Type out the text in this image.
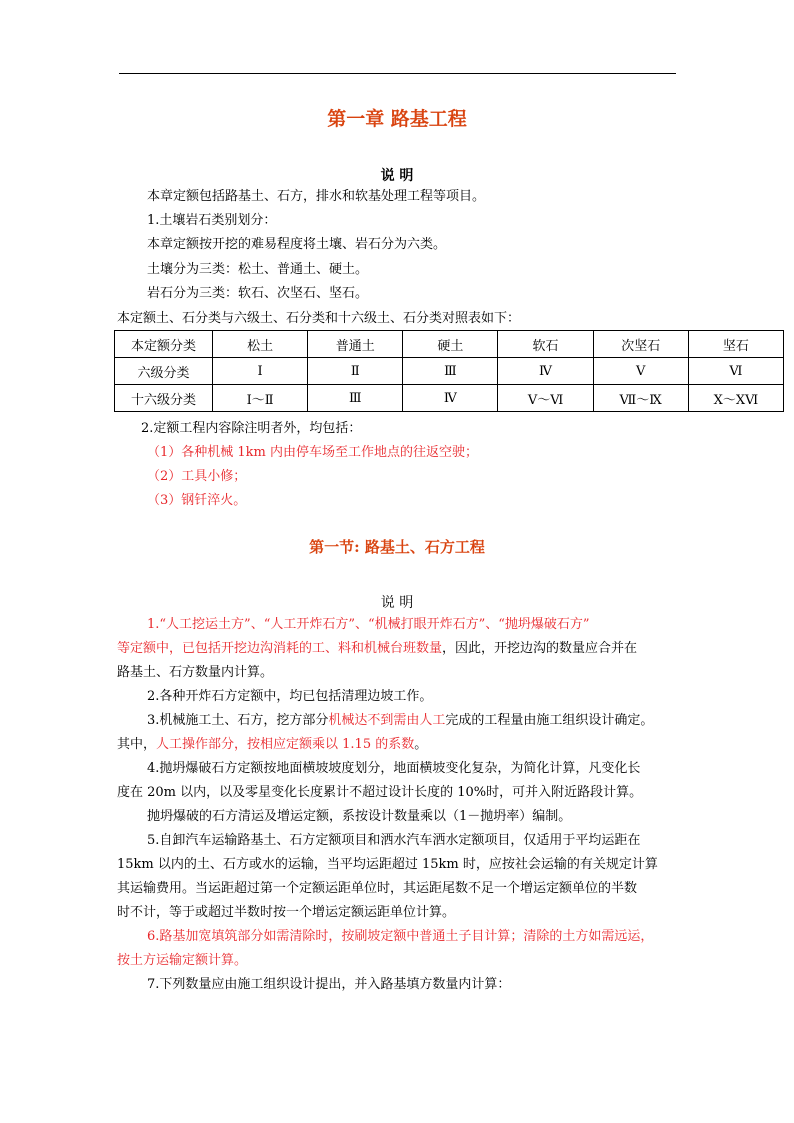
第一章 路基工程
说 明
本章定额包括路基土、石方，排水和软基处理工程等项目。
1.土壤岩石类别划分：
本章定额按开挖的难易程度将土壤、岩石分为六类。
土壤分为三类：松土、普通土、硬土。
岩石分为三类：软石、次坚石、坚石。
本定额土、石分类与六级土、石分类和十六级土、石分类对照表如下：
本定额分类	松土	普通土	硬土	软石	次坚石	坚石
六级分类	Ⅰ	Ⅱ	Ⅲ	Ⅳ	Ⅴ	Ⅵ
十六级分类	Ⅰ～Ⅱ	Ⅲ	Ⅳ	Ⅴ～Ⅵ	Ⅶ～Ⅸ	Ⅹ～ⅩⅥ
2.定额工程内容除注明者外，均包括：
（1）各种机械 1km 内由停车场至工作地点的往返空驶；
（2）工具小修；
（3）钢钎淬火。
第一节: 路基土、石方工程
说 明
1.“人工挖运土方”、“人工开炸石方”、“机械打眼开炸石方”、“抛坍爆破石方”
等定额中，已包括开挖边沟消耗的工、料和机械台班数量，因此，开挖边沟的数量应合并在
路基土、石方数量内计算。
2.各种开炸石方定额中，均已包括清理边坡工作。
3.机械施工土、石方，挖方部分机械达不到需由人工完成的工程量由施工组织设计确定。
其中，人工操作部分，按相应定额乘以 1.15 的系数。
4.抛坍爆破石方定额按地面横坡坡度划分，地面横坡变化复杂，为简化计算，凡变化长
度在 20m 以内，以及零星变化长度累计不超过设计长度的 10%时，可并入附近路段计算。
抛坍爆破的石方清运及增运定额，系按设计数量乘以（1－抛坍率）编制。
5.自卸汽车运输路基土、石方定额项目和洒水汽车洒水定额项目，仅适用于平均运距在
15km 以内的土、石方或水的运输，当平均运距超过 15km 时，应按社会运输的有关规定计算
其运输费用。当运距超过第一个定额运距单位时，其运距尾数不足一个增运定额单位的半数
时不计，等于或超过半数时按一个增运定额运距单位计算。
6.路基加宽填筑部分如需清除时，按刷坡定额中普通土子目计算；清除的土方如需远运，
按土方运输定额计算。
7.下列数量应由施工组织设计提出，并入路基填方数量内计算：
